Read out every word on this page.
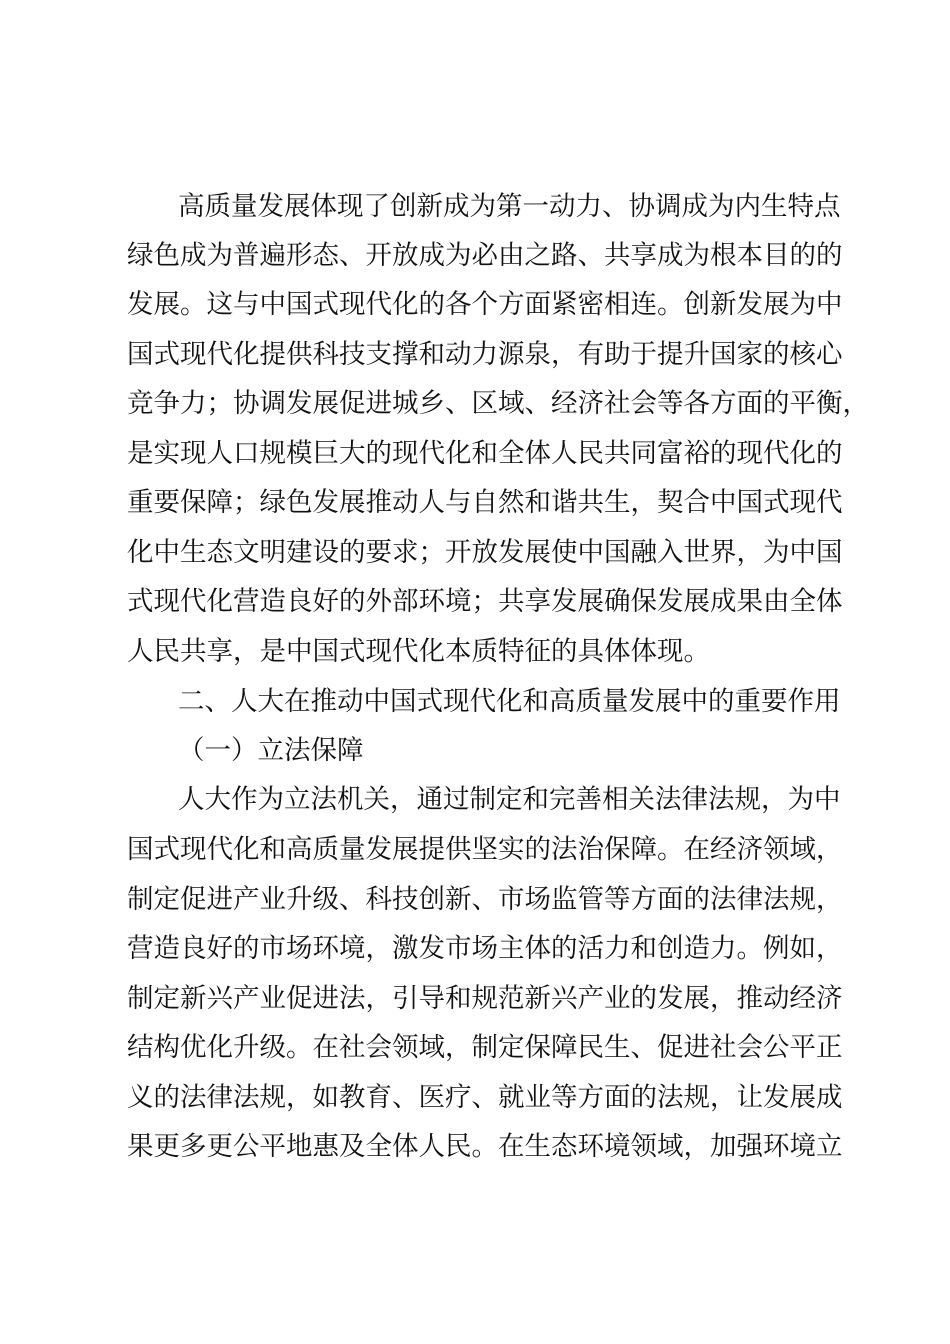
高质量发展体现了创新成为第一动力、协调成为内生特点
绿色成为普遍形态、开放成为必由之路、共享成为根本目的的
发展。这与中国式现代化的各个方面紧密相连。创新发展为中
国式现代化提供科技支撑和动力源泉，有助于提升国家的核心
竞争力；协调发展促进城乡、区域、经济社会等各方面的平衡，
是实现人口规模巨大的现代化和全体人民共同富裕的现代化的
重要保障；绿色发展推动人与自然和谐共生，契合中国式现代
化中生态文明建设的要求；开放发展使中国融入世界，为中国
式现代化营造良好的外部环境；共享发展确保发展成果由全体
人民共享，是中国式现代化本质特征的具体体现。
二、人大在推动中国式现代化和高质量发展中的重要作用
（一）立法保障
人大作为立法机关，通过制定和完善相关法律法规，为中
国式现代化和高质量发展提供坚实的法治保障。在经济领域，
制定促进产业升级、科技创新、市场监管等方面的法律法规，
营造良好的市场环境，激发市场主体的活力和创造力。例如，
制定新兴产业促进法，引导和规范新兴产业的发展，推动经济
结构优化升级。在社会领域，制定保障民生、促进社会公平正
义的法律法规，如教育、医疗、就业等方面的法规，让发展成
果更多更公平地惠及全体人民。在生态环境领域，加强环境立
